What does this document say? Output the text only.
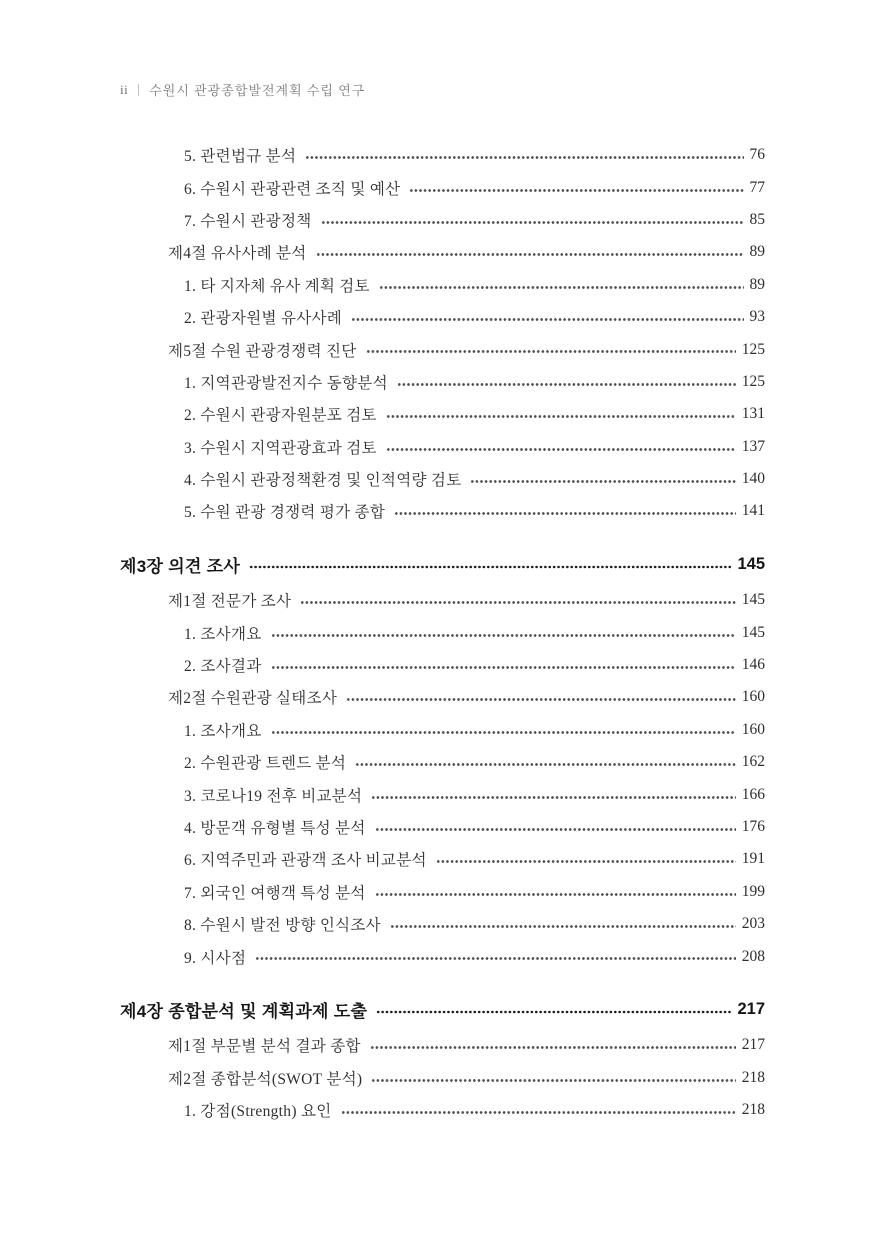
ii 수원시 관광종합발전계획 수립 연구
5. 관련법규 분석	76
6. 수원시 관광관련 조직 및 예산	77
7. 수원시 관광정책	85
제4절 유사사례 분석	89
1. 타 지자체 유사 계획 검토	89
2. 관광자원별 유사사례	93
제5절 수원 관광경쟁력 진단	125
1. 지역관광발전지수 동향분석	125
2. 수원시 관광자원분포 검토	131
3. 수원시 지역관광효과 검토	137
4. 수원시 관광정책환경 및 인적역량 검토	140
5. 수원 관광 경쟁력 평가 종합	141
제3장 의견 조사	145
제1절 전문가 조사	145
1. 조사개요	145
2. 조사결과	146
제2절 수원관광 실태조사	160
1. 조사개요	160
2. 수원관광 트렌드 분석	162
3. 코로나19 전후 비교분석	166
4. 방문객 유형별 특성 분석	176
6. 지역주민과 관광객 조사 비교분석	191
7. 외국인 여행객 특성 분석	199
8. 수원시 발전 방향 인식조사	203
9. 시사점	208
제4장 종합분석 및 계획과제 도출	217
제1절 부문별 분석 결과 종합	217
제2절 종합분석(SWOT 분석)	218
1. 강점(Strength) 요인	218
